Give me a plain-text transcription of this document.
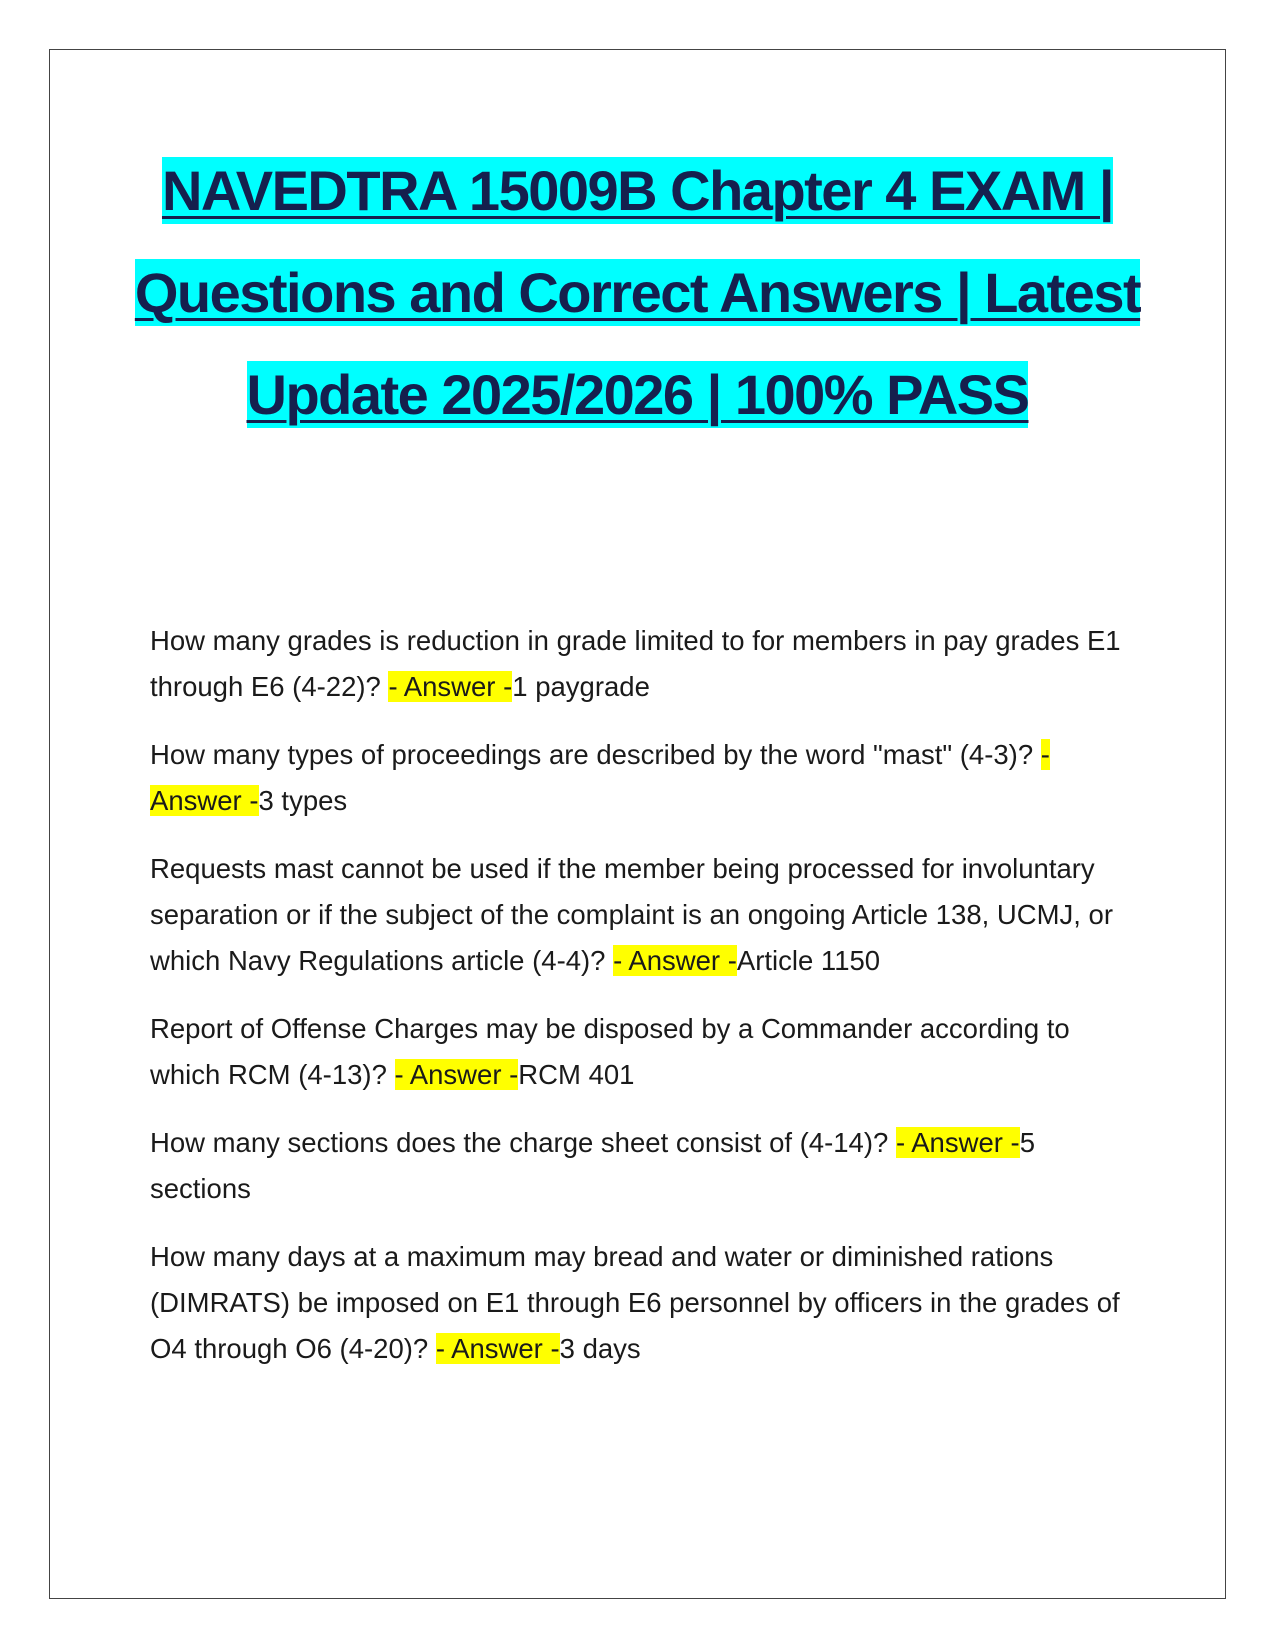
NAVEDTRA 15009B Chapter 4 EXAM | Questions and Correct Answers | Latest Update 2025/2026 | 100% PASS

How many grades is reduction in grade limited to for members in pay grades E1 through E6 (4-22)? - Answer -1 paygrade

How many types of proceedings are described by the word "mast" (4-3)? - Answer -3 types

Requests mast cannot be used if the member being processed for involuntary separation or if the subject of the complaint is an ongoing Article 138, UCMJ, or which Navy Regulations article (4-4)? - Answer -Article 1150

Report of Offense Charges may be disposed by a Commander according to which RCM (4-13)? - Answer -RCM 401

How many sections does the charge sheet consist of (4-14)? - Answer -5 sections

How many days at a maximum may bread and water or diminished rations (DIMRATS) be imposed on E1 through E6 personnel by officers in the grades of O4 through O6 (4-20)? - Answer -3 days
